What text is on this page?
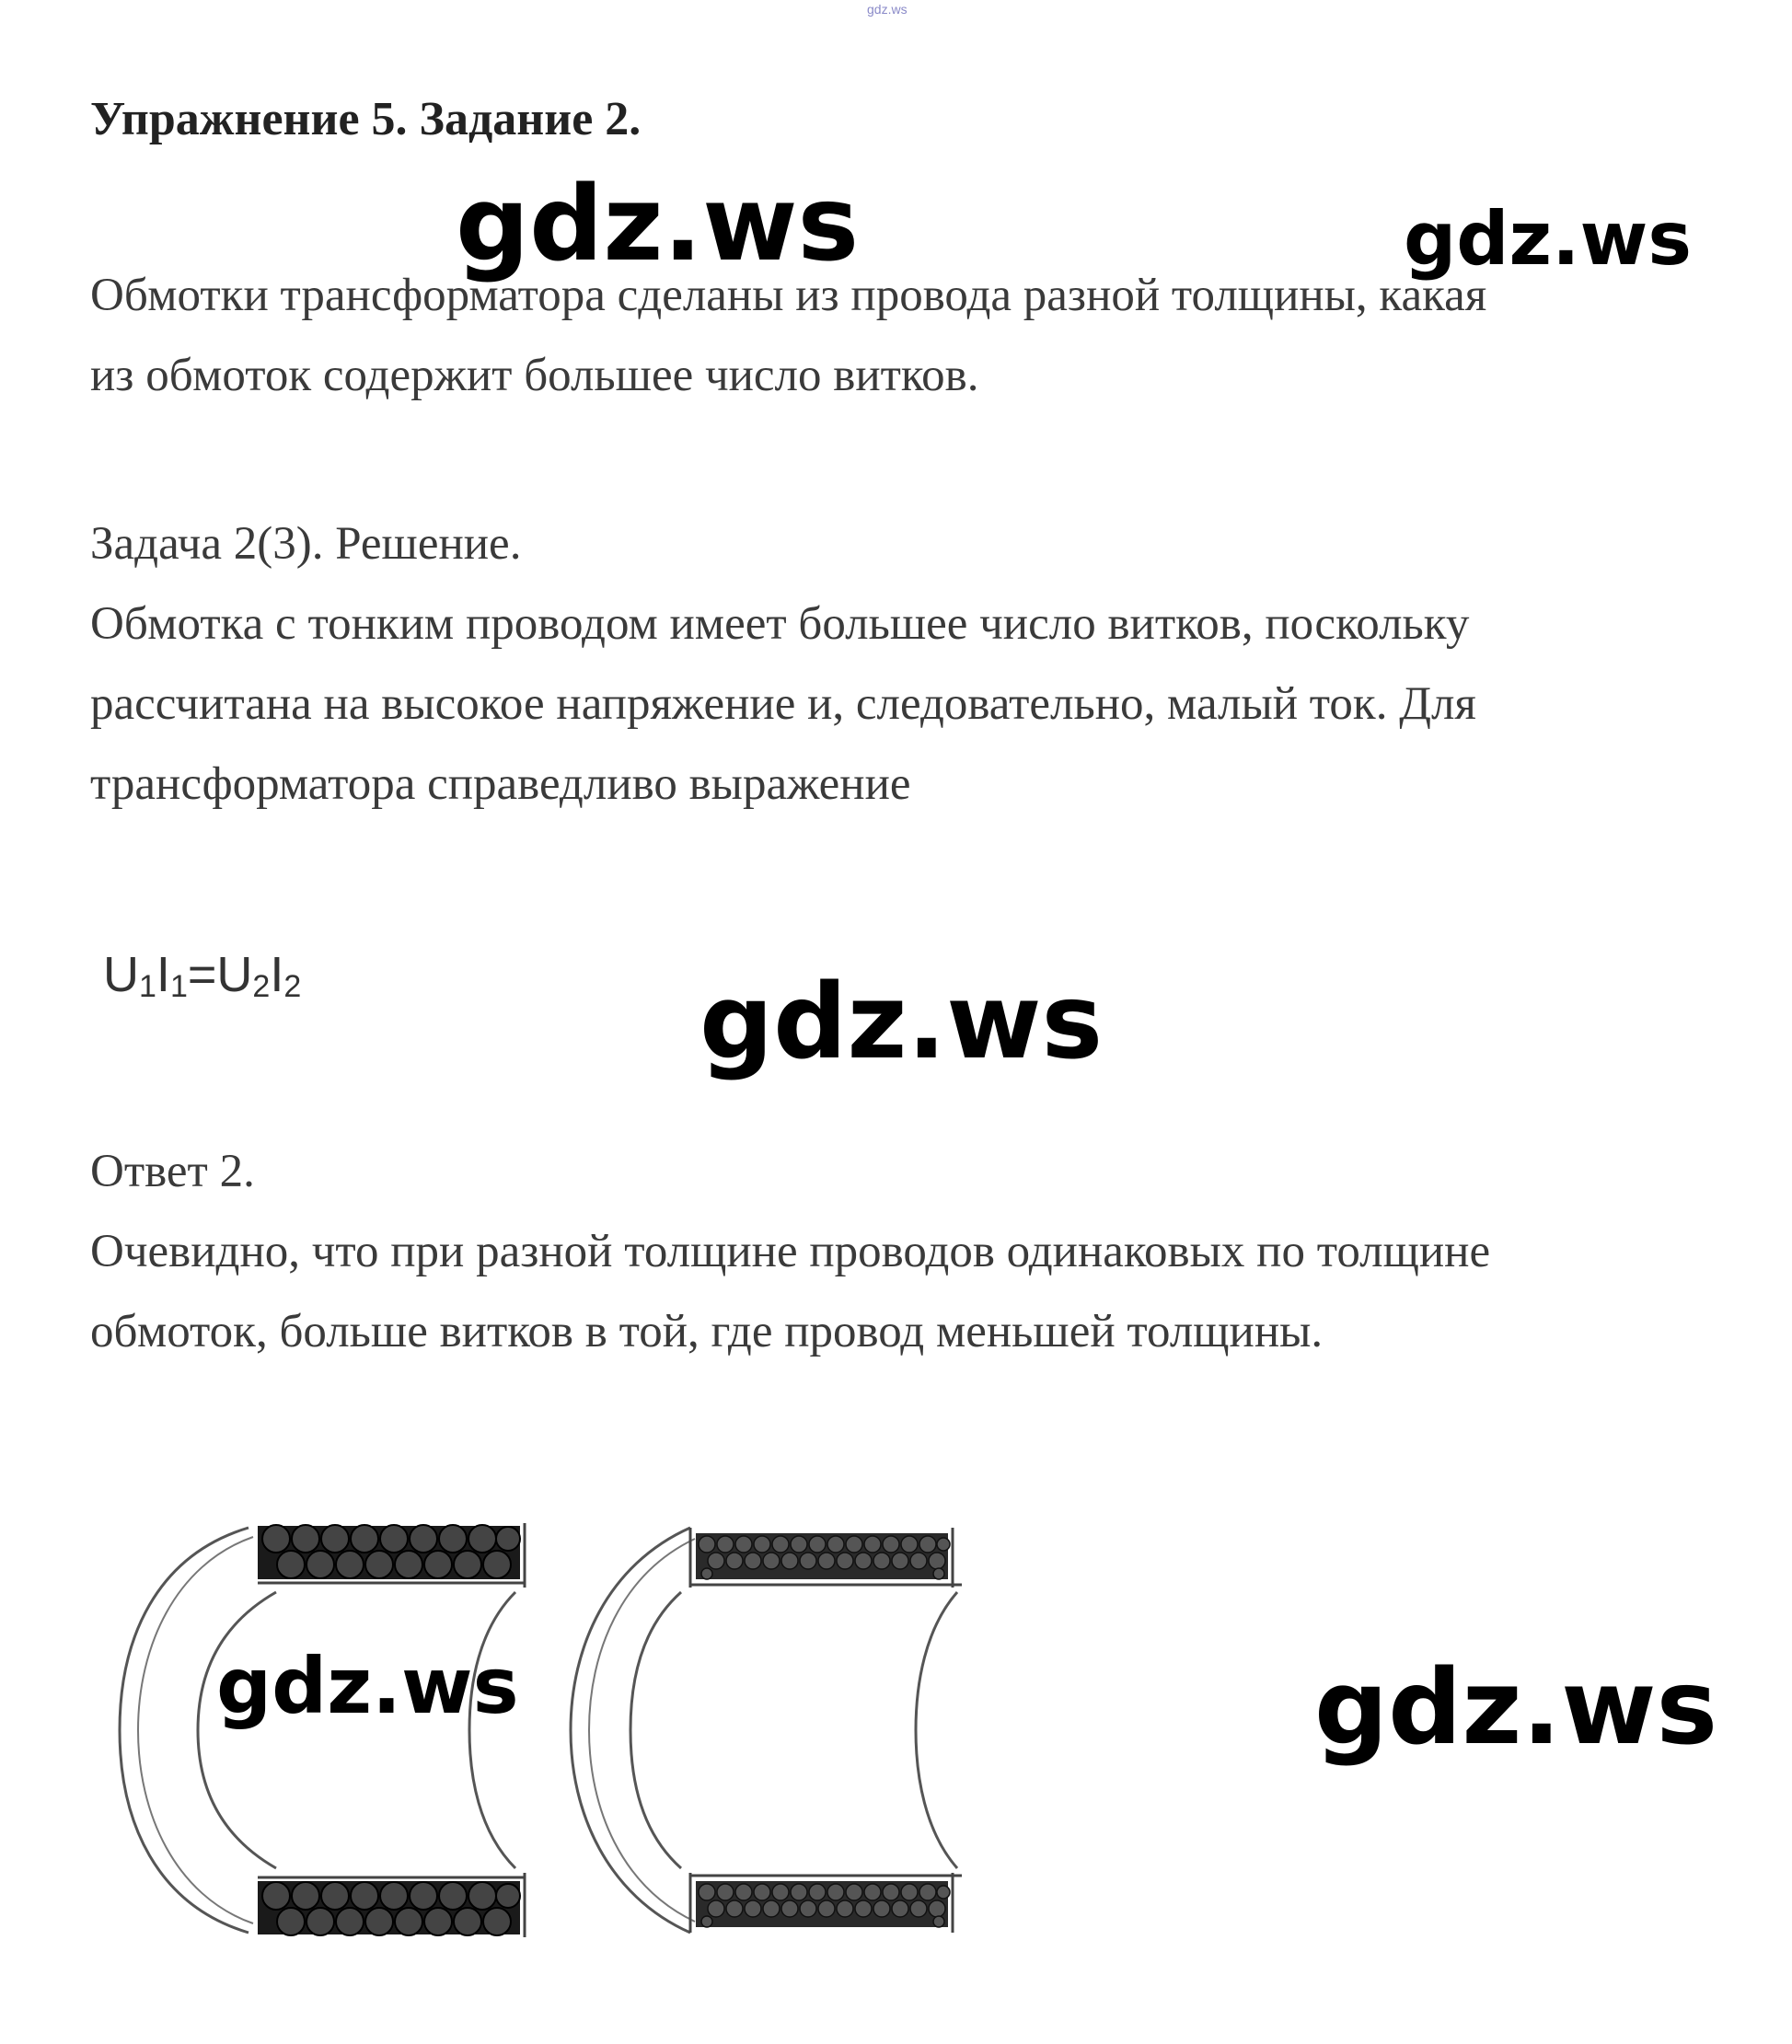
gdz.ws
Упражнение 5. Задание 2.
gdz.ws	gdz.ws

Обмотки трансформатора сделаны из провода разной толщины, какая
из обмоток содержит большее число витков.

Задача 2(3). Решение.
Обмотка с тонким проводом имеет большее число витков, поскольку
рассчитана на высокое напряжение и, следовательно, малый ток. Для
трансформатора справедливо выражение

$U_1I_1=U_2I_2$	gdz.ws

Ответ 2.
Очевидно, что при разной толщине проводов одинаковых по толщине
обмоток, больше витков в той, где провод меньшей толщины.

gdz.ws	gdz.ws
